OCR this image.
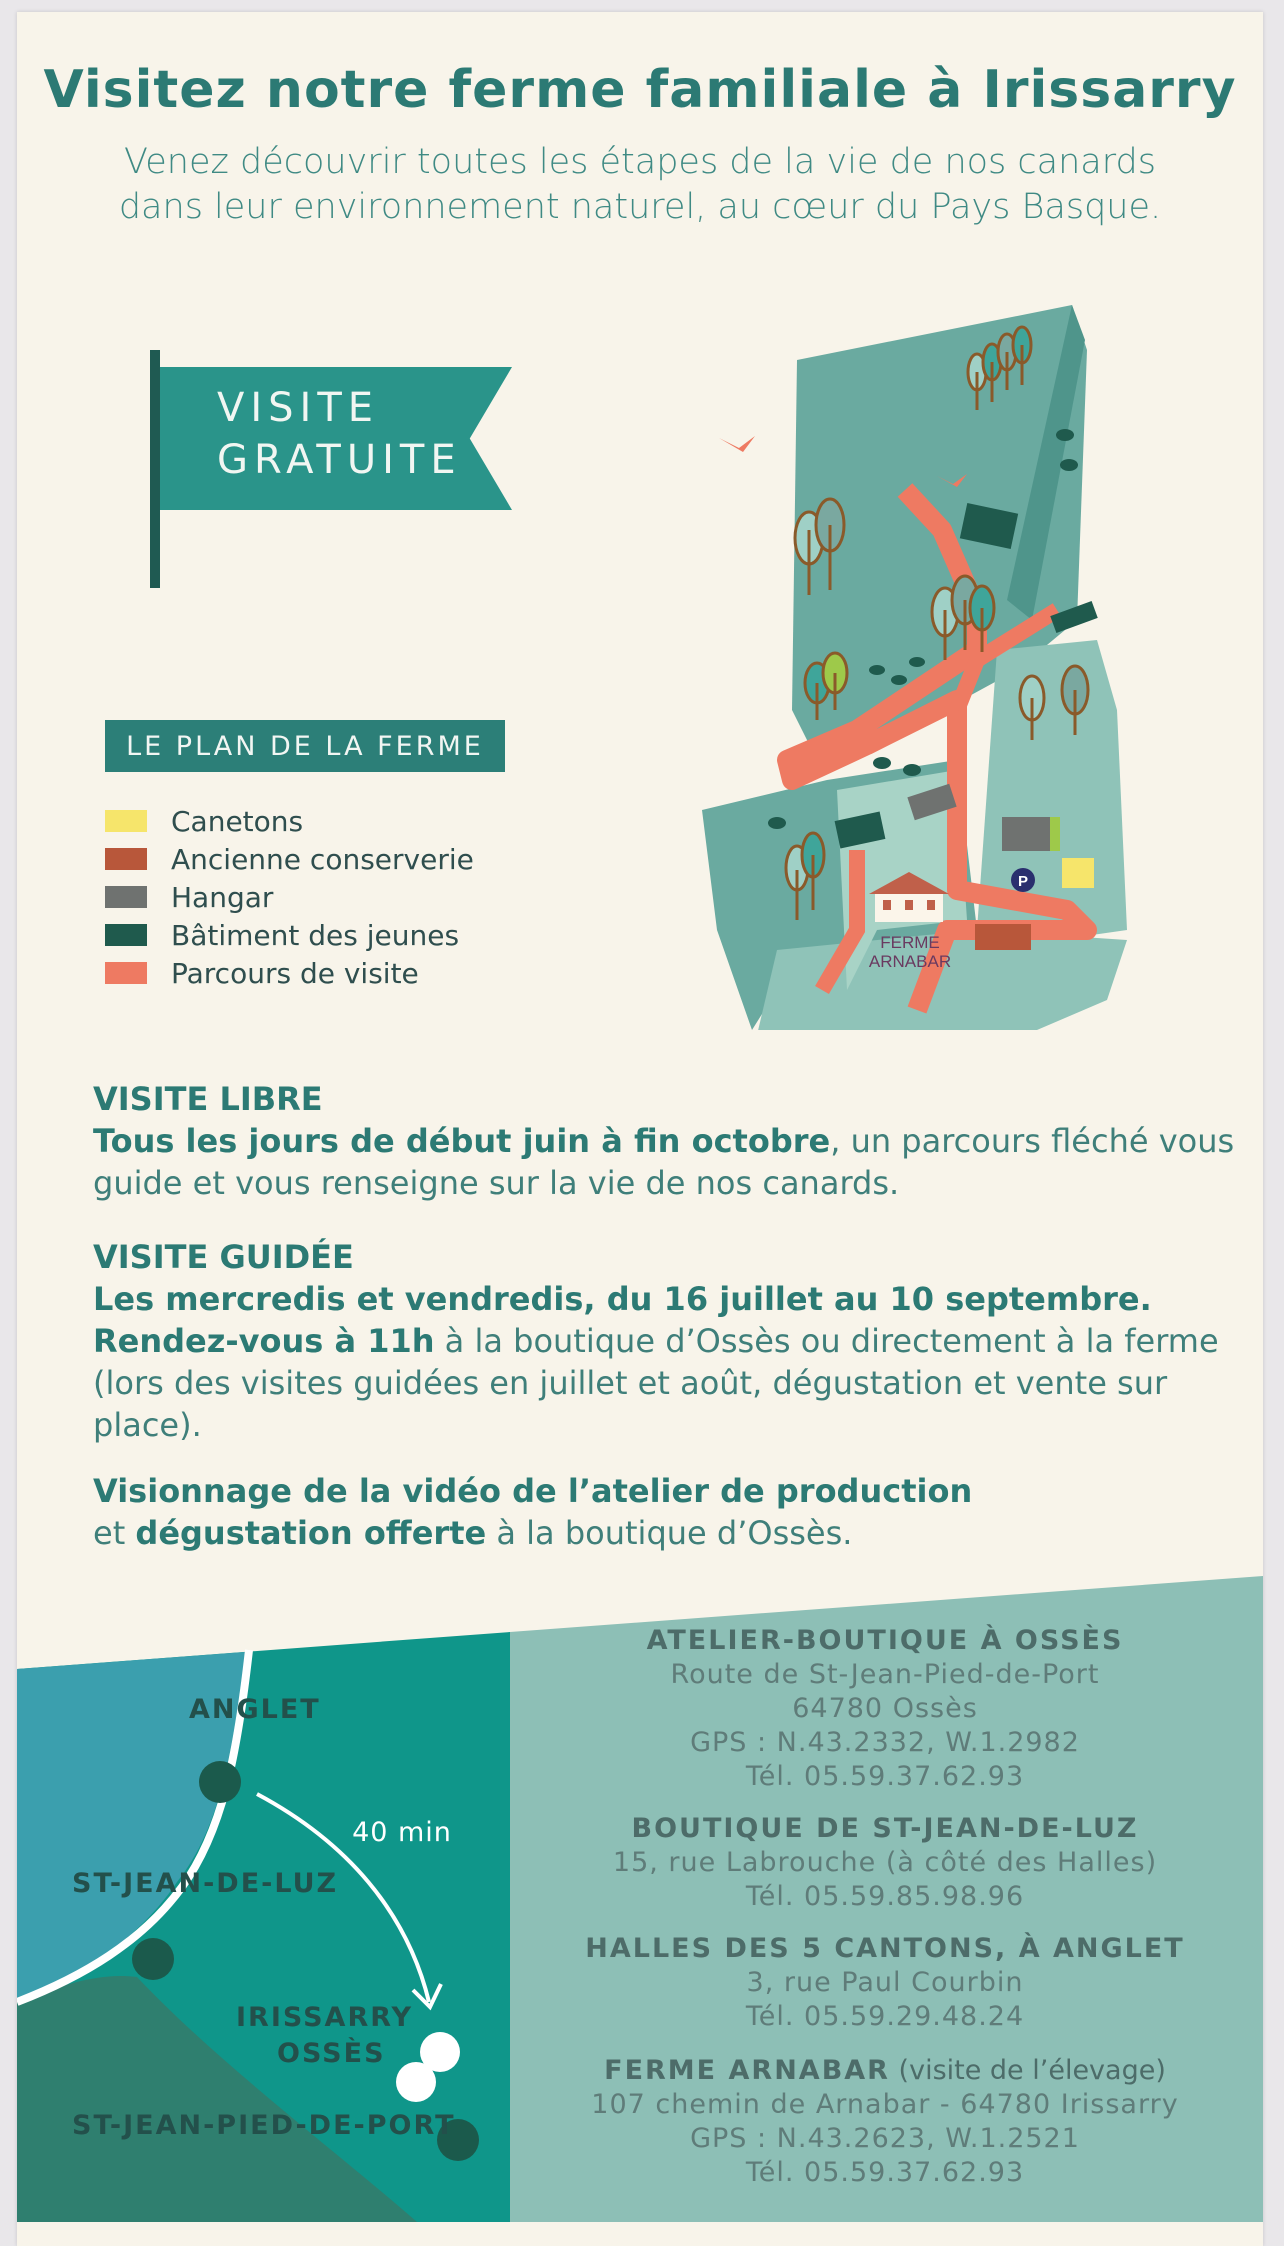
Visitez notre ferme familiale à Irissarry
Venez découvrir toutes les étapes de la vie de nos canards
dans leur environnement naturel, au cœur du Pays Basque.
VISITE
GRATUITE
LE PLAN DE LA FERME
Canetons
Ancienne conserverie
Hangar
Bâtiment des jeunes
Parcours de visite
FERME
ARNABAR
P
VISITE LIBRE
Tous les jours de début juin à fin octobre, un parcours fléché vous
guide et vous renseigne sur la vie de nos canards.
VISITE GUIDÉE
Les mercredis et vendredis, du 16 juillet au 10 septembre.
Rendez-vous à 11h à la boutique d’Ossès ou directement à la ferme
(lors des visites guidées en juillet et août, dégustation et vente sur
place).
Visionnage de la vidéo de l’atelier de production
et dégustation offerte à la boutique d’Ossès.
40 min
ANGLET
ST-JEAN-DE-LUZ
IRISSARRY
OSSÈS
ST-JEAN-PIED-DE-PORT
ATELIER-BOUTIQUE À OSSÈS
Route de St-Jean-Pied-de-Port
64780 Ossès
GPS : N.43.2332, W.1.2982
Tél. 05.59.37.62.93
BOUTIQUE DE ST-JEAN-DE-LUZ
15, rue Labrouche (à côté des Halles)
Tél. 05.59.85.98.96
HALLES DES 5 CANTONS, À ANGLET
3, rue Paul Courbin
Tél. 05.59.29.48.24
FERME ARNABAR (visite de l’élevage)
107 chemin de Arnabar - 64780 Irissarry
GPS : N.43.2623, W.1.2521
Tél. 05.59.37.62.93
